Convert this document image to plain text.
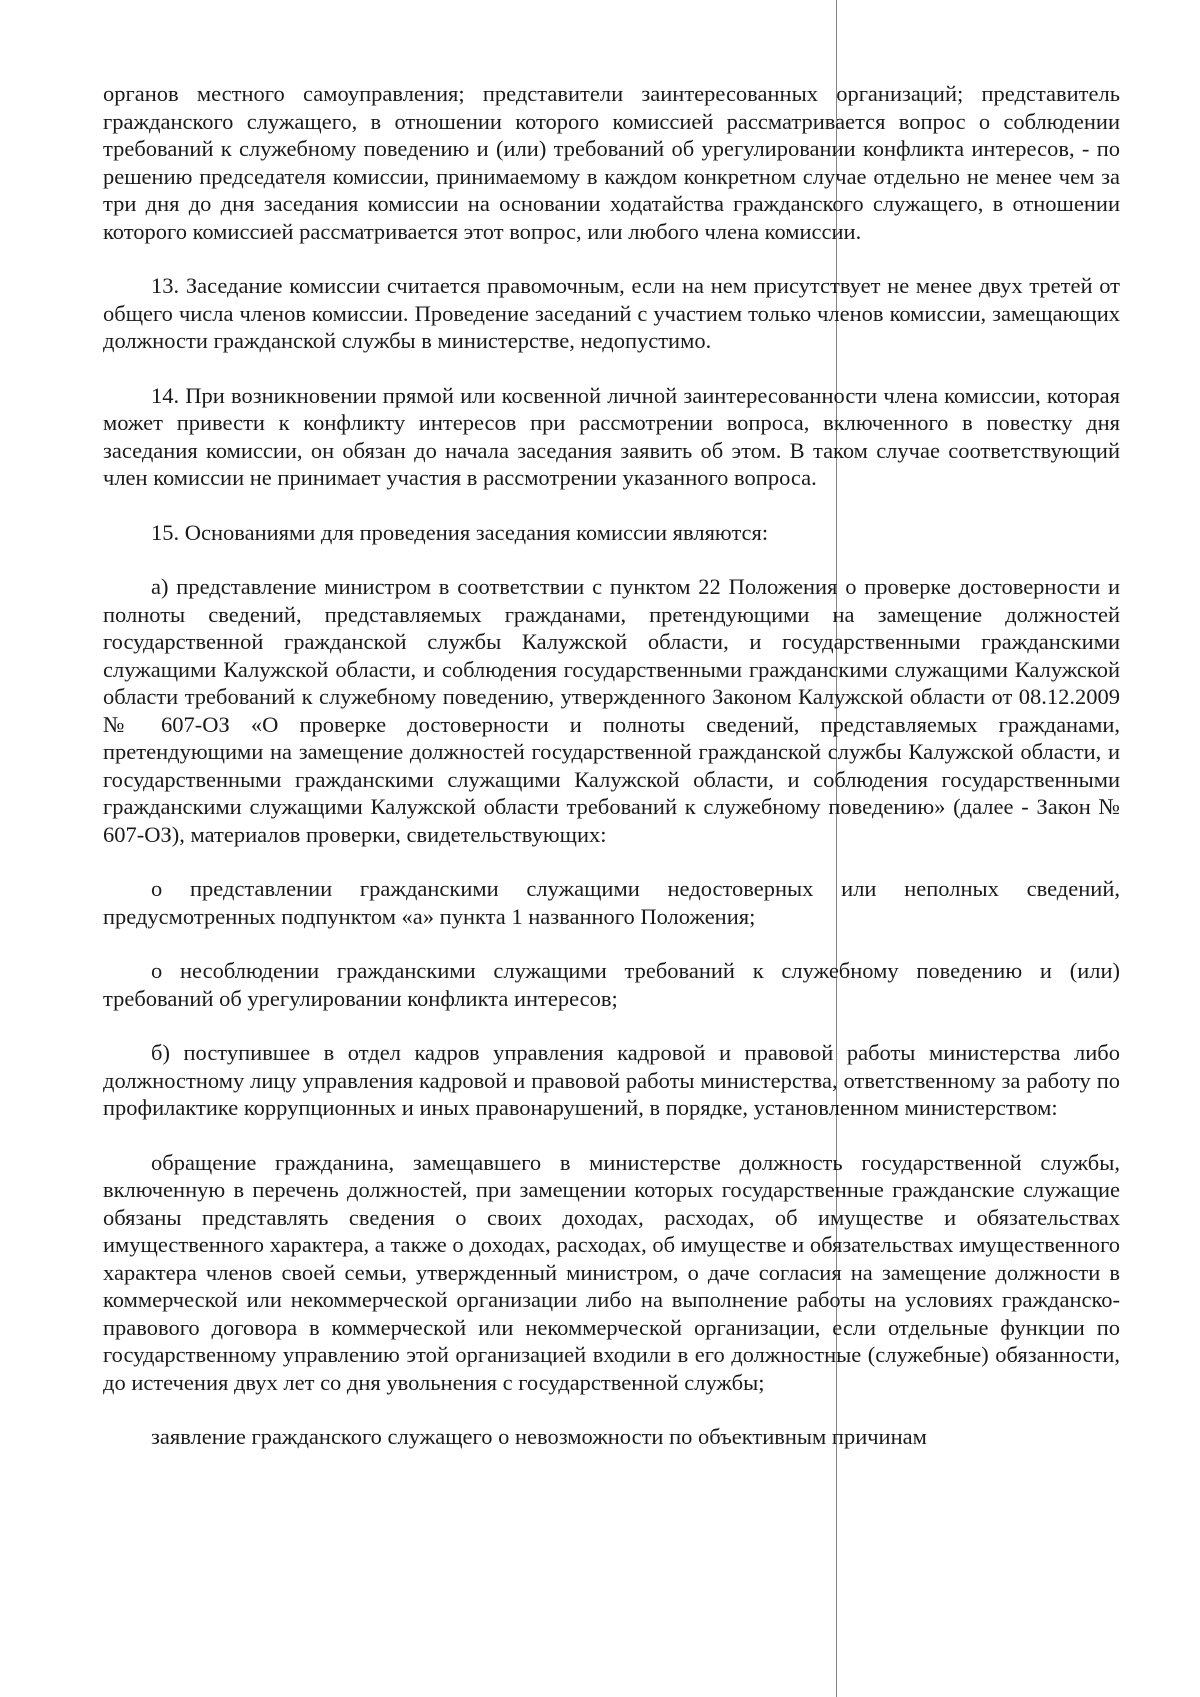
органов местного самоуправления; представители заинтересованных организаций; представитель гражданского служащего, в отношении которого комиссией рассматривается вопрос о соблюдении требований к служебному поведению и (или) требований об урегулировании конфликта интересов, - по решению председателя комиссии, принимаемому в каждом конкретном случае отдельно не менее чем за три дня до дня заседания комиссии на основании ходатайства гражданского служащего, в отношении которого комиссией рассматривается этот вопрос, или любого члена комиссии.

13. Заседание комиссии считается правомочным, если на нем присутствует не менее двух третей от общего числа членов комиссии. Проведение заседаний с участием только членов комиссии, замещающих должности гражданской службы в министерстве, недопустимо.

14. При возникновении прямой или косвенной личной заинтересованности члена комиссии, которая может привести к конфликту интересов при рассмотрении вопроса, включенного в повестку дня заседания комиссии, он обязан до начала заседания заявить об этом. В таком случае соответствующий член комиссии не принимает участия в рассмотрении указанного вопроса.

15. Основаниями для проведения заседания комиссии являются:

а) представление министром в соответствии с пунктом 22 Положения о проверке достоверности и полноты сведений, представляемых гражданами, претендующими на замещение должностей государственной гражданской службы Калужской области, и государственными гражданскими служащими Калужской области, и соблюдения государственными гражданскими служащими Калужской области требований к служебному поведению, утвержденного Законом Калужской области от 08.12.2009 № 607-ОЗ «О проверке достоверности и полноты сведений, представляемых гражданами, претендующими на замещение должностей государственной гражданской службы Калужской области, и государственными гражданскими служащими Калужской области, и соблюдения государственными гражданскими служащими Калужской области требований к служебному поведению» (далее - Закон № 607-ОЗ), материалов проверки, свидетельствующих:

о представлении гражданскими служащими недостоверных или неполных сведений, предусмотренных подпунктом «а» пункта 1 названного Положения;

о несоблюдении гражданскими служащими требований к служебному поведению и (или) требований об урегулировании конфликта интересов;

б) поступившее в отдел кадров управления кадровой и правовой работы министерства либо должностному лицу управления кадровой и правовой работы министерства, ответственному за работу по профилактике коррупционных и иных правонарушений, в порядке, установленном министерством:

обращение гражданина, замещавшего в министерстве должность государственной службы, включенную в перечень должностей, при замещении которых государственные гражданские служащие обязаны представлять сведения о своих доходах, расходах, об имуществе и обязательствах имущественного характера, а также о доходах, расходах, об имуществе и обязательствах имущественного характера членов своей семьи, утвержденный министром, о даче согласия на замещение должности в коммерческой или некоммерческой организации либо на выполнение работы на условиях гражданско-правового договора в коммерческой или некоммерческой организации, если отдельные функции по государственному управлению этой организацией входили в его должностные (служебные) обязанности, до истечения двух лет со дня увольнения с государственной службы;

заявление гражданского служащего о невозможности по объективным причинам
